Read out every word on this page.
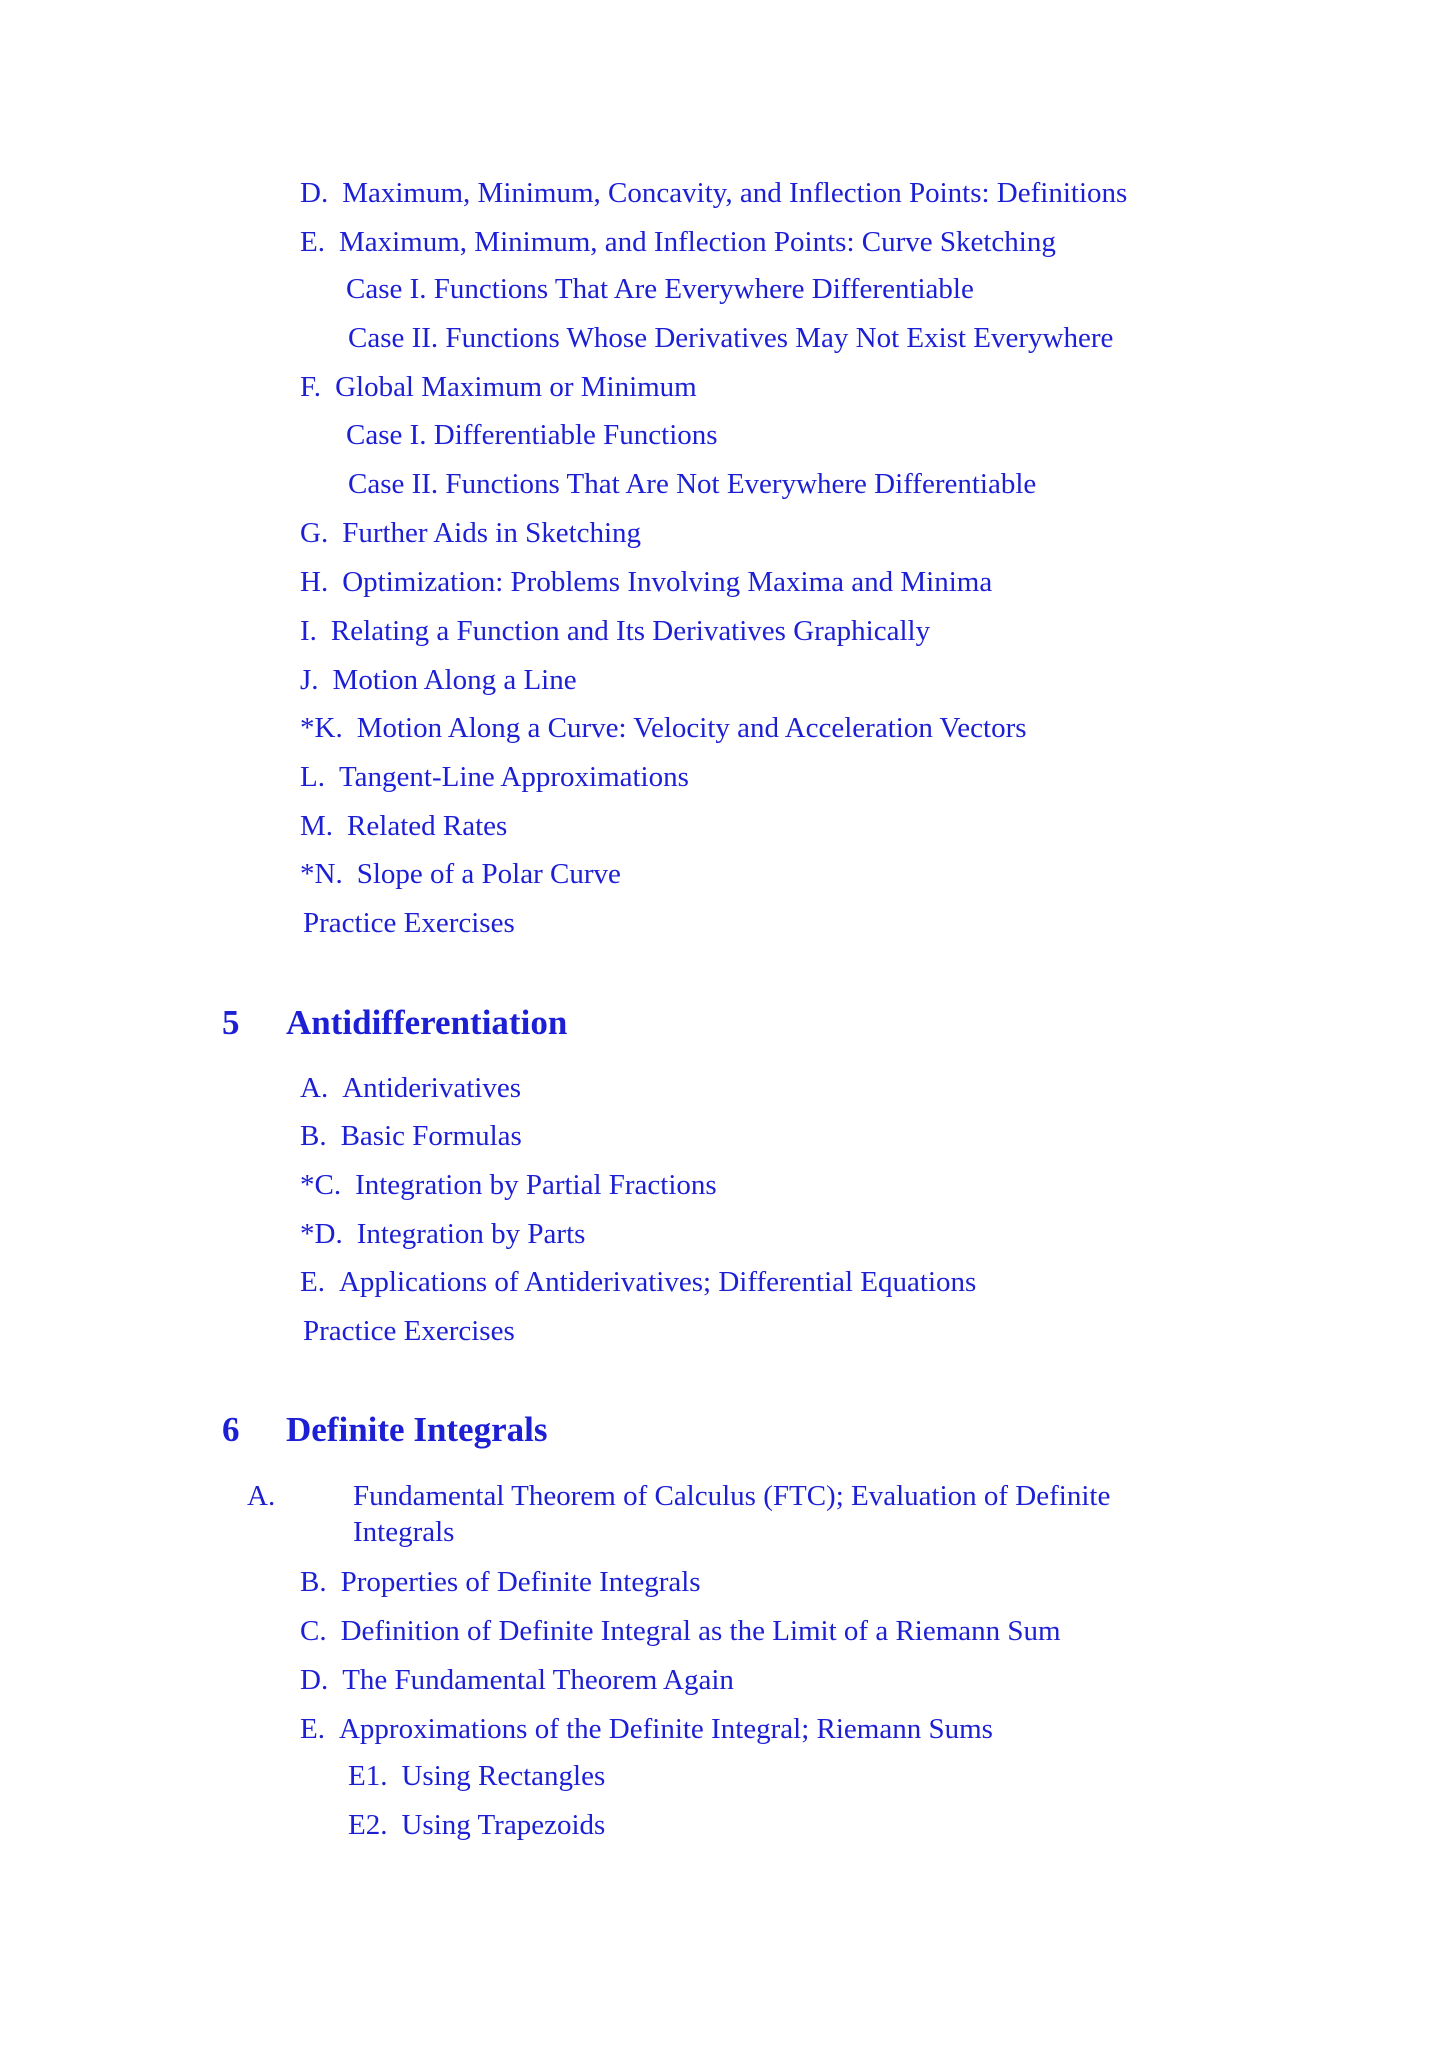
D. Maximum, Minimum, Concavity, and Inflection Points: Definitions
E. Maximum, Minimum, and Inflection Points: Curve Sketching
Case I. Functions That Are Everywhere Differentiable
Case II. Functions Whose Derivatives May Not Exist Everywhere
F. Global Maximum or Minimum
Case I. Differentiable Functions
Case II. Functions That Are Not Everywhere Differentiable
G. Further Aids in Sketching
H. Optimization: Problems Involving Maxima and Minima
I. Relating a Function and Its Derivatives Graphically
J. Motion Along a Line
*K. Motion Along a Curve: Velocity and Acceleration Vectors
L. Tangent-Line Approximations
M. Related Rates
*N. Slope of a Polar Curve
Practice Exercises
5 Antidifferentiation
A. Antiderivatives
B. Basic Formulas
*C. Integration by Partial Fractions
*D. Integration by Parts
E. Applications of Antiderivatives; Differential Equations
Practice Exercises
6 Definite Integrals
A.	Fundamental Theorem of Calculus (FTC); Evaluation of Definite Integrals
B. Properties of Definite Integrals
C. Definition of Definite Integral as the Limit of a Riemann Sum
D. The Fundamental Theorem Again
E. Approximations of the Definite Integral; Riemann Sums
E1. Using Rectangles
E2. Using Trapezoids
